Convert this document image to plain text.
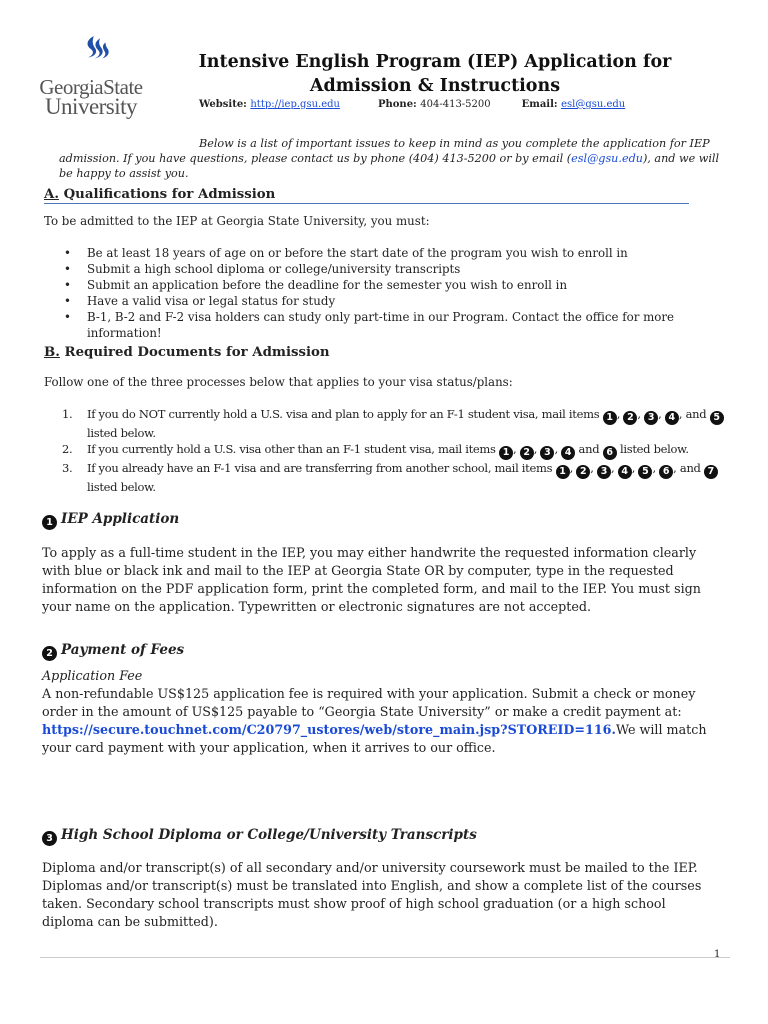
GeorgiaState
University
Intensive English Program (IEP) Application for
Admission & Instructions
Website: http://iep.gsu.edu	Phone: 404-413-5200	Email: esl@gsu.edu
Below is a list of important issues to keep in mind as you complete the application for IEP admission. If you have questions, please contact us by phone (404) 413-5200 or by email (esl@gsu.edu), and we will be happy to assist you.
A. Qualifications for Admission
To be admitted to the IEP at Georgia State University, you must:
• Be at least 18 years of age on or before the start date of the program you wish to enroll in
• Submit a high school diploma or college/university transcripts
• Submit an application before the deadline for the semester you wish to enroll in
• Have a valid visa or legal status for study
• B-1, B-2 and F-2 visa holders can study only part-time in our Program. Contact the office for more information!
B. Required Documents for Admission
Follow one of the three processes below that applies to your visa status/plans:
1. If you do NOT currently hold a U.S. visa and plan to apply for an F-1 student visa, mail items 1 , 2 , 3 , 4 , and 5
listed below.
2. If you currently hold a U.S. visa other than an F-1 student visa, mail items 1 , 2 , 3 , 4 and 6 listed below.
3. If you already have an F-1 visa and are transferring from another school, mail items 1 , 2 , 3 , 4 , 5 , 6 , and 7
listed below.
1 IEP Application
To apply as a full-time student in the IEP, you may either handwrite the requested information clearly with blue or black ink and mail to the IEP at Georgia State OR by computer, type in the requested information on the PDF application form, print the completed form, and mail to the IEP. You must sign your name on the application. Typewritten or electronic signatures are not accepted.
2 Payment of Fees
Application Fee
A non-refundable US$125 application fee is required with your application. Submit a check or money order in the amount of US$125 payable to “Georgia State University” or make a credit payment at:
https://secure.touchnet.com/C20797_ustores/web/store_main.jsp?STOREID=116.We will match your card payment with your application, when it arrives to our office.
3 High School Diploma or College/University Transcripts
Diploma and/or transcript(s) of all secondary and/or university coursework must be mailed to the IEP. Diplomas and/or transcript(s) must be translated into English, and show a complete list of the courses taken. Secondary school transcripts must show proof of high school graduation (or a high school diploma can be submitted).
1
